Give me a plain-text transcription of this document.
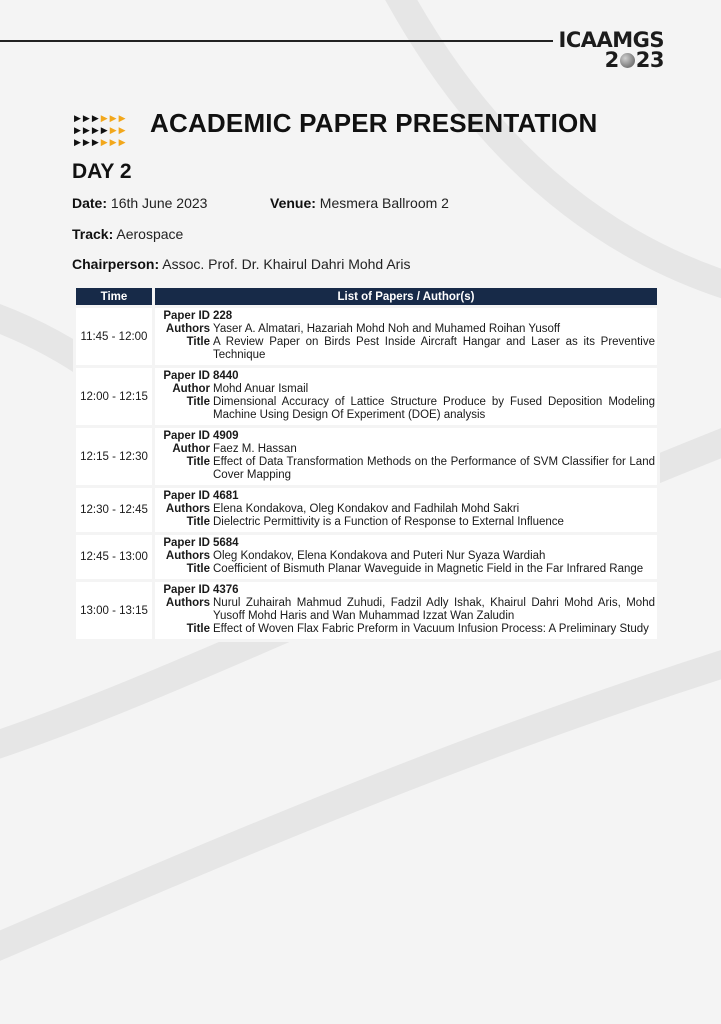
ICAAMGS
2 23
▶▶▶▶▶▶
▶▶▶▶▶▶
▶▶▶▶▶▶
ACADEMIC PAPER PRESENTATION
DAY 2
Date: 16th June 2023	Venue: Mesmera Ballroom 2
Track: Aerospace
Chairperson: Assoc. Prof. Dr. Khairul Dahri Mohd Aris
Time	List of Papers / Author(s)
11:45 - 12:00	
Paper ID	228
Authors	Yaser A. Almatari, Hazariah Mohd Noh and Muhamed Roihan Yusoff
Title	A Review Paper on Birds Pest Inside Aircraft Hangar and Laser as its Preventive Technique

12:00 - 12:15	
Paper ID	8440
Author	Mohd Anuar Ismail
Title	Dimensional Accuracy of Lattice Structure Produce by Fused Deposition Modeling Machine Using Design Of Experiment (DOE) analysis

12:15 - 12:30	
Paper ID	4909
Author	Faez M. Hassan
Title	Effect of Data Transformation Methods on the Performance of SVM Classifier for Land Cover Mapping

12:30 - 12:45	
Paper ID	4681
Authors	Elena Kondakova, Oleg Kondakov and Fadhilah Mohd Sakri
Title	Dielectric Permittivity is a Function of Response to External Influence

12:45 - 13:00	
Paper ID	5684
Authors	Oleg Kondakov, Elena Kondakova and Puteri Nur Syaza Wardiah
Title	Coefficient of Bismuth Planar Waveguide in Magnetic Field in the Far Infrared Range

13:00 - 13:15	
Paper ID	4376
Authors	Nurul Zuhairah Mahmud Zuhudi, Fadzil Adly Ishak, Khairul Dahri Mohd Aris, Mohd Yusoff Mohd Haris and Wan Muhammad Izzat Wan Zaludin
Title	Effect of Woven Flax Fabric Preform in Vacuum Infusion Process: A Preliminary Study
